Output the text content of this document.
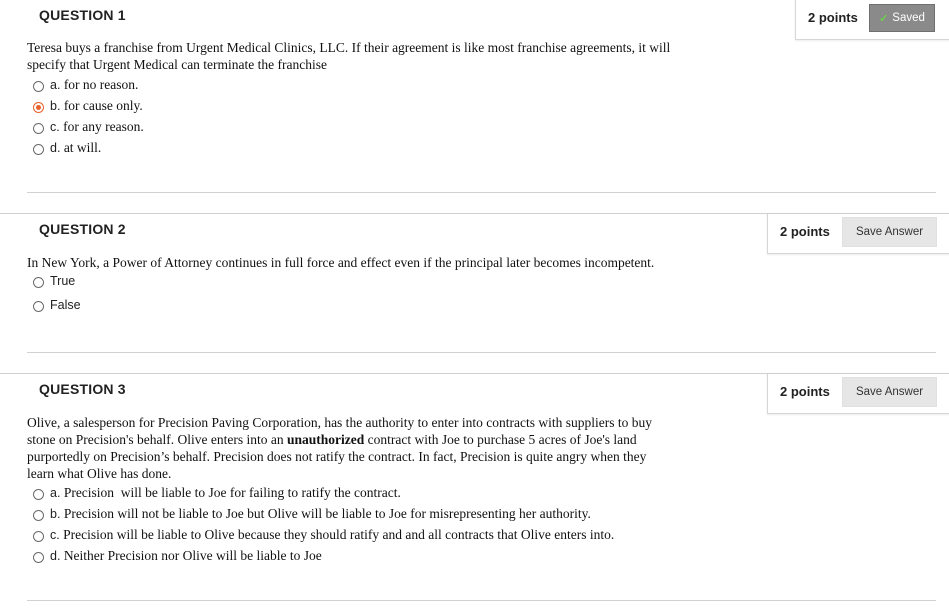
QUESTION 1	2 points ✓ Saved
Teresa buys a franchise from Urgent Medical Clinics, LLC. If their agreement is like most franchise agreements, it will
specify that Urgent Medical can terminate the franchise
a. for no reason.
b. for cause only.
c. for any reason.
d. at will.
QUESTION 2	2 points	Save Answer
In New York, a Power of Attorney continues in full force and effect even if the principal later becomes incompetent.
True
False
QUESTION 3	2 points	Save Answer
Olive, a salesperson for Precision Paving Corporation, has the authority to enter into contracts with suppliers to buy
stone on Precision's behalf. Olive enters into an unauthorized contract with Joe to purchase 5 acres of Joe's land
purportedly on Precision’s behalf. Precision does not ratify the contract. In fact, Precision is quite angry when they
learn what Olive has done.
a. Precision  will be liable to Joe for failing to ratify the contract.
b. Precision will not be liable to Joe but Olive will be liable to Joe for misrepresenting her authority.
c. Precision will be liable to Olive because they should ratify and and all contracts that Olive enters into.
d. Neither Precision nor Olive will be liable to Joe
